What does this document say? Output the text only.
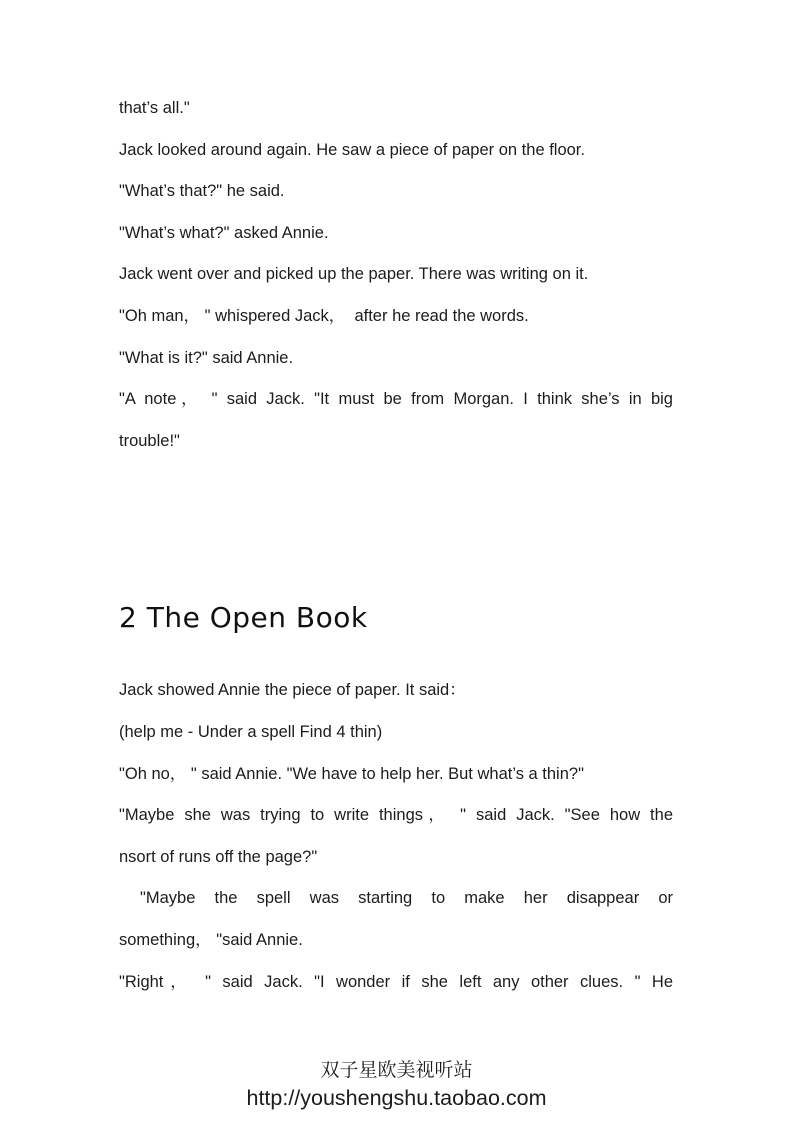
that’s all."
Jack looked around again. He saw a piece of paper on the floor.
"What’s that?" he said.
"What’s what?" asked Annie.
Jack went over and picked up the paper. There was writing on it.
"Oh man， " whispered Jack，  after he read the words.
"What is it?" said Annie.
"A note， " said Jack. "It must be from Morgan. I think she’s in big
trouble!"
2 The Open Book
Jack showed Annie the piece of paper. It said：
(help me - Under a spell Find 4 thin)
"Oh no， " said Annie. "We have to help her. But what’s a thin?"
"Maybe she was trying to write things， " said Jack. "See how the
nsort of runs off the page?"
"Maybe the spell was starting to make her disappear or
something， "said Annie.
"Right， " said Jack. "I wonder if she left any other clues. " He
双子星欧美视听站
http://youshengshu.taobao.com
